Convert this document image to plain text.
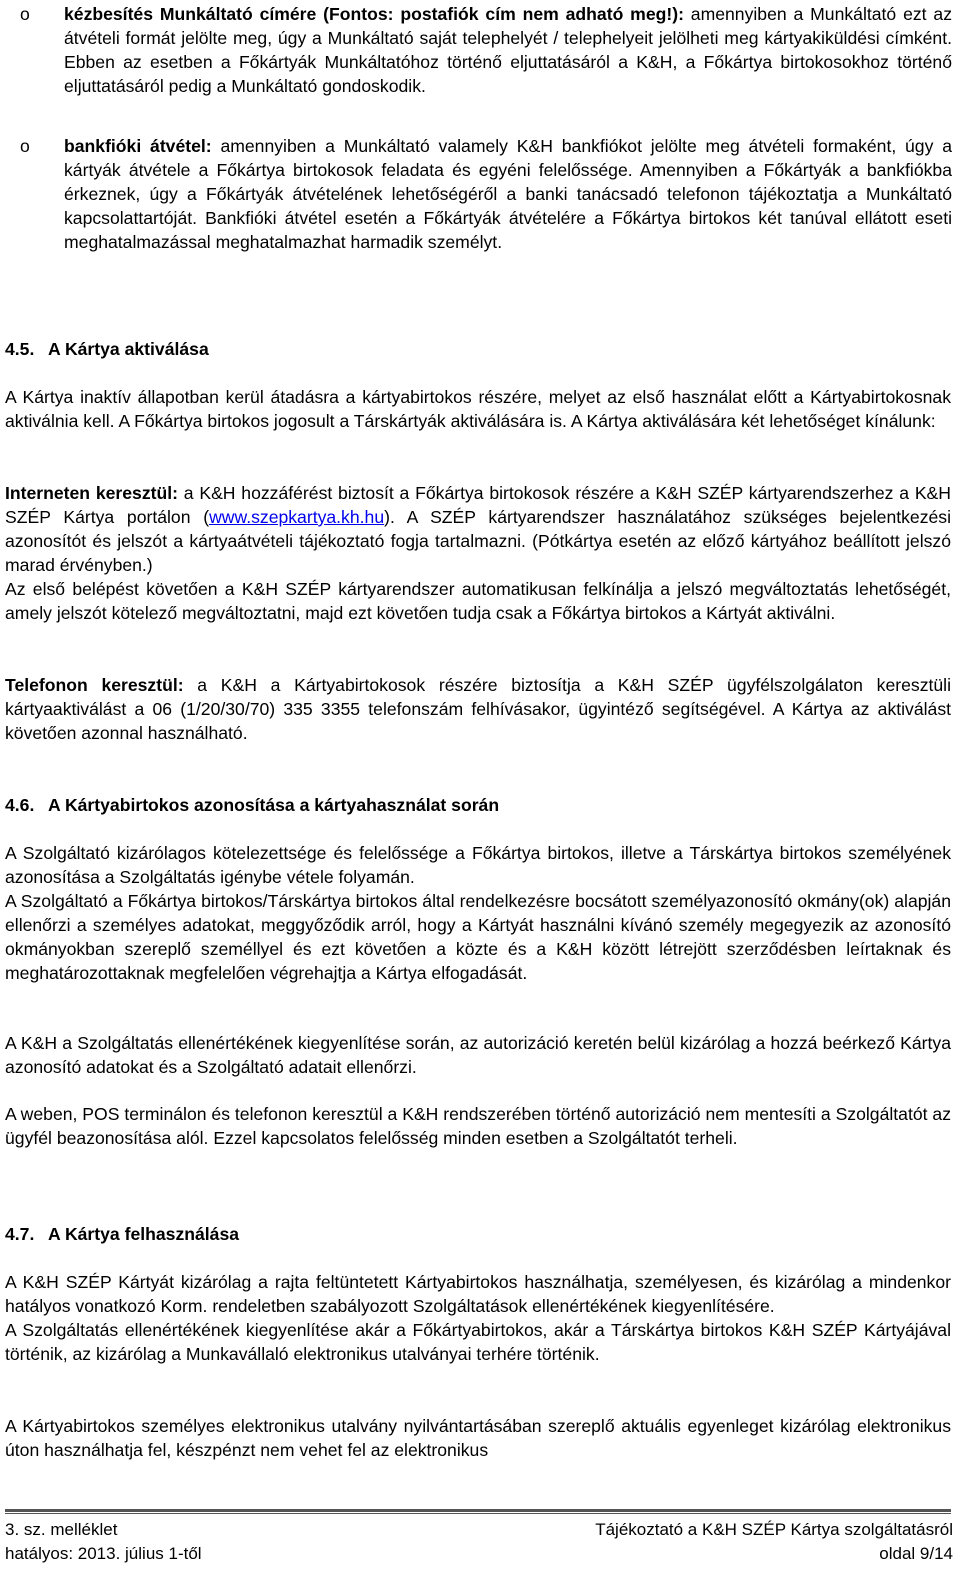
o kézbesítés Munkáltató címére (Fontos: postafiók cím nem adható meg!): amennyiben a Munkáltató ezt az átvételi formát jelölte meg, úgy a Munkáltató saját telephelyét / telephelyeit jelölheti meg kártyakiküldési címként. Ebben az esetben a Főkártyák Munkáltatóhoz történő eljuttatásáról a K&H, a Főkártya birtokosokhoz történő eljuttatásáról pedig a Munkáltató gondoskodik.

o bankfióki átvétel: amennyiben a Munkáltató valamely K&H bankfiókot jelölte meg átvételi formaként, úgy a kártyák átvétele a Főkártya birtokosok feladata és egyéni felelőssége. Amennyiben a Főkártyák a bankfiókba érkeznek, úgy a Főkártyák átvételének lehetőségéről a banki tanácsadó telefonon tájékoztatja a Munkáltató kapcsolattartóját. Bankfióki átvétel esetén a Főkártyák átvételére a Főkártya birtokos két tanúval ellátott eseti meghatalmazással meghatalmazhat harmadik személyt.

4.5. A Kártya aktiválása

A Kártya inaktív állapotban kerül átadásra a kártyabirtokos részére, melyet az első használat előtt a Kártyabirtokosnak aktiválnia kell. A Főkártya birtokos jogosult a Társkártyák aktiválására is. A Kártya aktiválására két lehetőséget kínálunk:

Interneten keresztül: a K&H hozzáférést biztosít a Főkártya birtokosok részére a K&H SZÉP kártyarendszerhez a K&H SZÉP Kártya portálon (www.szepkartya.kh.hu). A SZÉP kártyarendszer használatához szükséges bejelentkezési azonosítót és jelszót a kártyaátvételi tájékoztató fogja tartalmazni. (Pótkártya esetén az előző kártyához beállított jelszó marad érvényben.)

Az első belépést követően a K&H SZÉP kártyarendszer automatikusan felkínálja a jelszó megváltoztatás lehetőségét, amely jelszót kötelező megváltoztatni, majd ezt követően tudja csak a Főkártya birtokos a Kártyát aktiválni.

Telefonon keresztül: a K&H a Kártyabirtokosok részére biztosítja a K&H SZÉP ügyfélszolgálaton keresztüli kártyaaktiválást a 06 (1/20/30/70) 335 3355 telefonszám felhívásakor, ügyintéző segítségével. A Kártya az aktiválást követően azonnal használható.

4.6. A Kártyabirtokos azonosítása a kártyahasználat során

A Szolgáltató kizárólagos kötelezettsége és felelőssége a Főkártya birtokos, illetve a Társkártya birtokos személyének azonosítása a Szolgáltatás igénybe vétele folyamán.

A Szolgáltató a Főkártya birtokos/Társkártya birtokos által rendelkezésre bocsátott személyazonosító okmány(ok) alapján ellenőrzi a személyes adatokat, meggyőződik arról, hogy a Kártyát használni kívánó személy megegyezik az azonosító okmányokban szereplő személlyel és ezt követően a közte és a K&H között létrejött szerződésben leírtaknak és meghatározottaknak megfelelően végrehajtja a Kártya elfogadását.

A K&H a Szolgáltatás ellenértékének kiegyenlítése során, az autorizáció keretén belül kizárólag a hozzá beérkező Kártya azonosító adatokat és a Szolgáltató adatait ellenőrzi.

A weben, POS terminálon és telefonon keresztül a K&H rendszerében történő autorizáció nem mentesíti a Szolgáltatót az ügyfél beazonosítása alól. Ezzel kapcsolatos felelősség minden esetben a Szolgáltatót terheli.

4.7. A Kártya felhasználása

A K&H SZÉP Kártyát kizárólag a rajta feltüntetett Kártyabirtokos használhatja, személyesen, és kizárólag a mindenkor hatályos vonatkozó Korm. rendeletben szabályozott Szolgáltatások ellenértékének kiegyenlítésére.

A Szolgáltatás ellenértékének kiegyenlítése akár a Főkártyabirtokos, akár a Társkártya birtokos K&H SZÉP Kártyájával történik, az kizárólag a Munkavállaló elektronikus utalványai terhére történik.

A Kártyabirtokos személyes elektronikus utalvány nyilvántartásában szereplő aktuális egyenleget kizárólag elektronikus úton használhatja fel, készpénzt nem vehet fel az elektronikus

3. sz. melléklet	Tájékoztató a K&H SZÉP Kártya szolgáltatásról
hatályos: 2013. július 1-től	oldal 9/14
